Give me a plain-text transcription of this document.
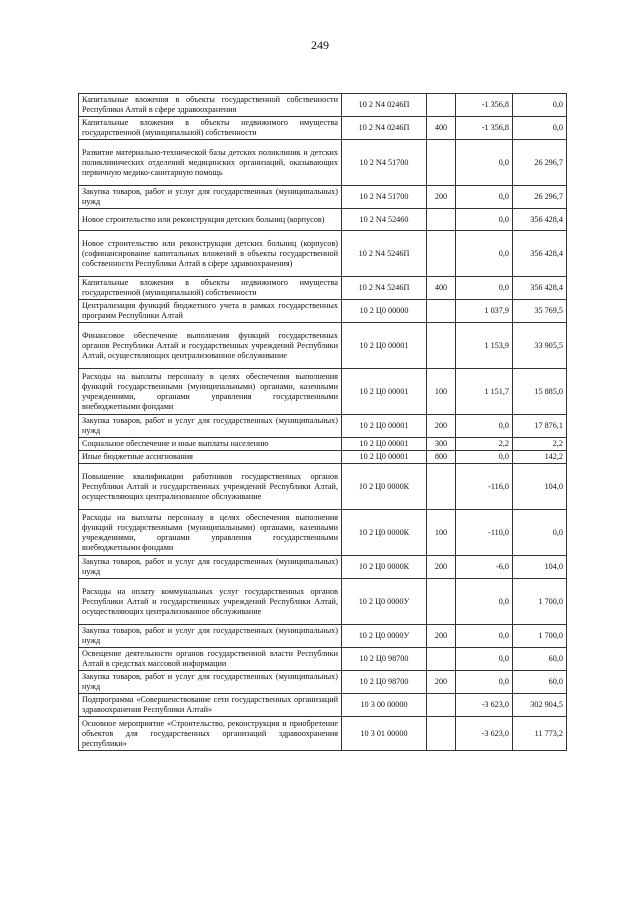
249
Капитальные вложения в объекты государственной собственности Республики Алтай в сфере здравоохранения	10 2 N4 0246П		-1 356,8	0,0
Капитальные вложения в объекты недвижимого имущества государственной (муниципальной) собственности	10 2 N4 0246П	400	-1 356,8	0,0
Развитие материально-технической базы детских поликлиник и детских поликлинических отделений медицинских организаций, оказывающих первичную медико-санитарную помощь	10 2 N4 51700		0,0	26 296,7
Закупка товаров, работ и услуг для государственных (муниципальных) нужд	10 2 N4 51700	200	0,0	26 296,7
Новое строительство или реконструкция детских больниц (корпусов)	10 2 N4 52460		0,0	356 428,4
Новое строительство или реконструкция детских больниц (корпусов) (софинансирование капитальных вложений в объекты государственной собственности Республики Алтай в сфере здравоохранения)	10 2 N4 5246П		0,0	356 428,4
Капитальные вложения в объекты недвижимого имущества государственной (муниципальной) собственности	10 2 N4 5246П	400	0,0	356 428,4
Централизация функций бюджетного учета в рамках государственных программ Республики Алтай	10 2 Ц0 00000		1 037,9	35 769,5
Финансовое обеспечение выполнения функций государственных органов Республики Алтай и государственных учреждений Республики Алтай, осуществляющих централизованное обслуживание	10 2 Ц0 00001		1 153,9	33 905,5
Расходы на выплаты персоналу в целях обеспечения выполнения функций государственными (муниципальными) органами, казенными учреждениями, органами управления государственными внебюджетными фондами	10 2 Ц0 00001	100	1 151,7	15 885,0
Закупка товаров, работ и услуг для государственных (муниципальных) нужд	10 2 Ц0 00001	200	0,0	17 876,1
Социальное обеспечение и иные выплаты населению	10 2 Ц0 00001	300	2,2	2,2
Иные бюджетные ассигнования	10 2 Ц0 00001	800	0,0	142,2
Повышение квалификации работников государственных органов Республики Алтай и государственных учреждений Республики Алтай, осуществляющих централизованное обслуживание	10 2 Ц0 0000К		-116,0	104,0
Расходы на выплаты персоналу в целях обеспечения выполнения функций государственными (муниципальными) органами, казенными учреждениями, органами управления государственными внебюджетными фондами	10 2 Ц0 0000К	100	-110,0	0,0
Закупка товаров, работ и услуг для государственных (муниципальных) нужд	10 2 Ц0 0000К	200	-6,0	104,0
Расходы на оплату коммунальных услуг государственных органов Республики Алтай и государственных учреждений Республики Алтай, осуществляющих централизованное обслуживание	10 2 Ц0 0000У		0,0	1 700,0
Закупка товаров, работ и услуг для государственных (муниципальных) нужд	10 2 Ц0 0000У	200	0,0	1 700,0
Освещение деятельности органов государственной власти Республики Алтай в средствах массовой информации	10 2 Ц0 98700		0,0	60,0
Закупка товаров, работ и услуг для государственных (муниципальных) нужд	10 2 Ц0 98700	200	0,0	60,0
Подпрограмма «Совершенствование сети государственных организаций здравоохранения Республики Алтай»	10 3 00 00000		-3 623,0	302 904,5
Основное мероприятие «Строительство, реконструкция и приобретение объектов для государственных организаций здравоохранения республики»	10 3 01 00000		-3 623,0	11 773,2
